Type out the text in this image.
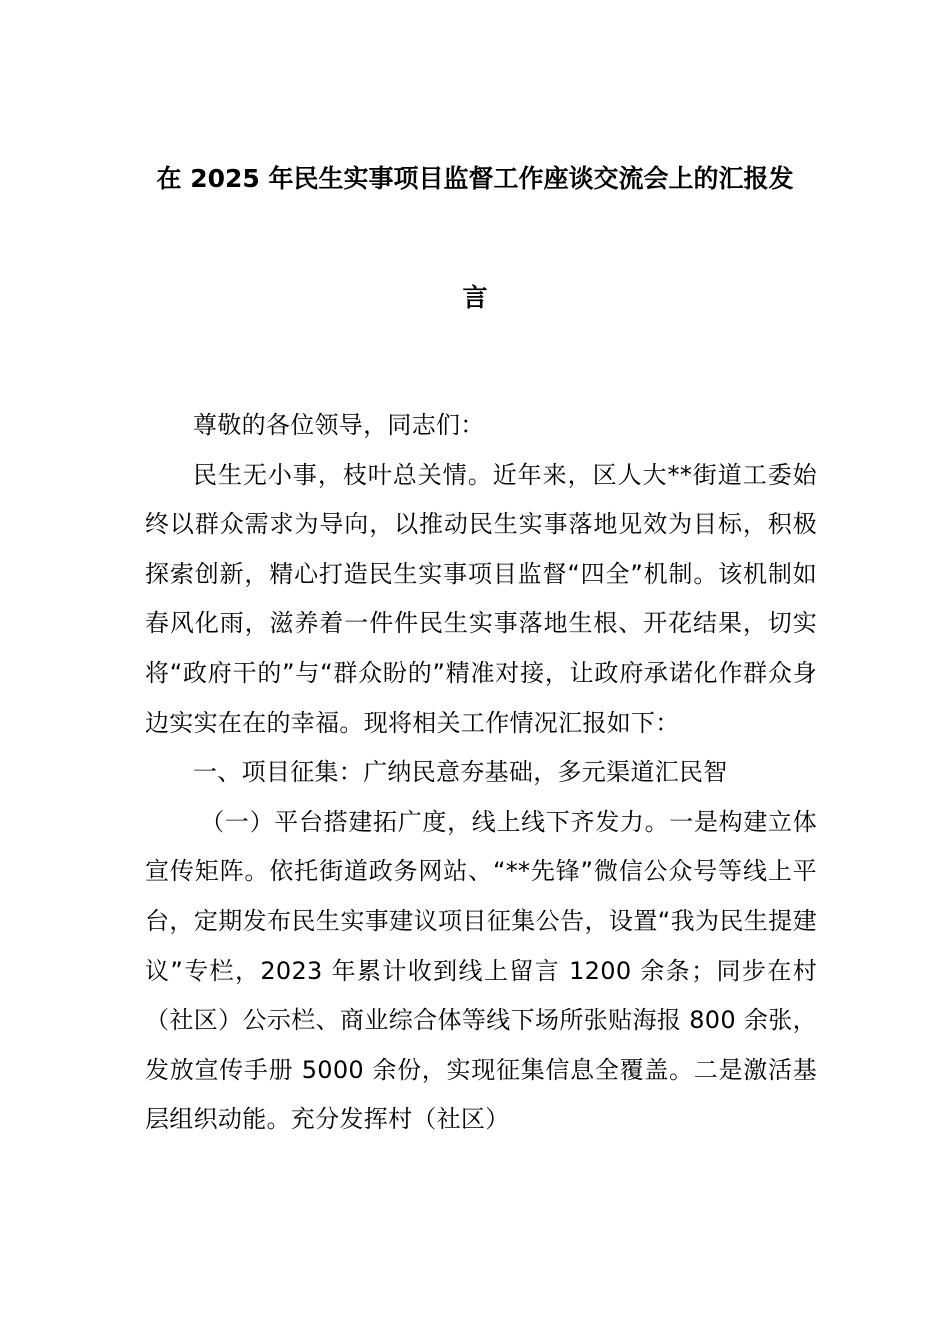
在 2025 年民生实事项目监督工作座谈交流会上的汇报发
言

尊敬的各位领导，同志们：

民生无小事，枝叶总关情。近年来，区人大**街道工委始终以群众需求为导向，以推动民生实事落地见效为目标，积极探索创新，精心打造民生实事项目监督“四全”机制。该机制如春风化雨，滋养着一件件民生实事落地生根、开花结果，切实将“政府干的”与“群众盼的”精准对接，让政府承诺化作群众身边实实在在的幸福。现将相关工作情况汇报如下：

一、项目征集：广纳民意夯基础，多元渠道汇民智

（一）平台搭建拓广度，线上线下齐发力。一是构建立体宣传矩阵。依托街道政务网站、“**先锋”微信公众号等线上平台，定期发布民生实事建议项目征集公告，设置“我为民生提建议”专栏，2023 年累计收到线上留言 1200 余条；同步在村（社区）公示栏、商业综合体等线下场所张贴海报 800 余张，发放宣传手册 5000 余份，实现征集信息全覆盖。二是激活基层组织动能。充分发挥村（社区）
